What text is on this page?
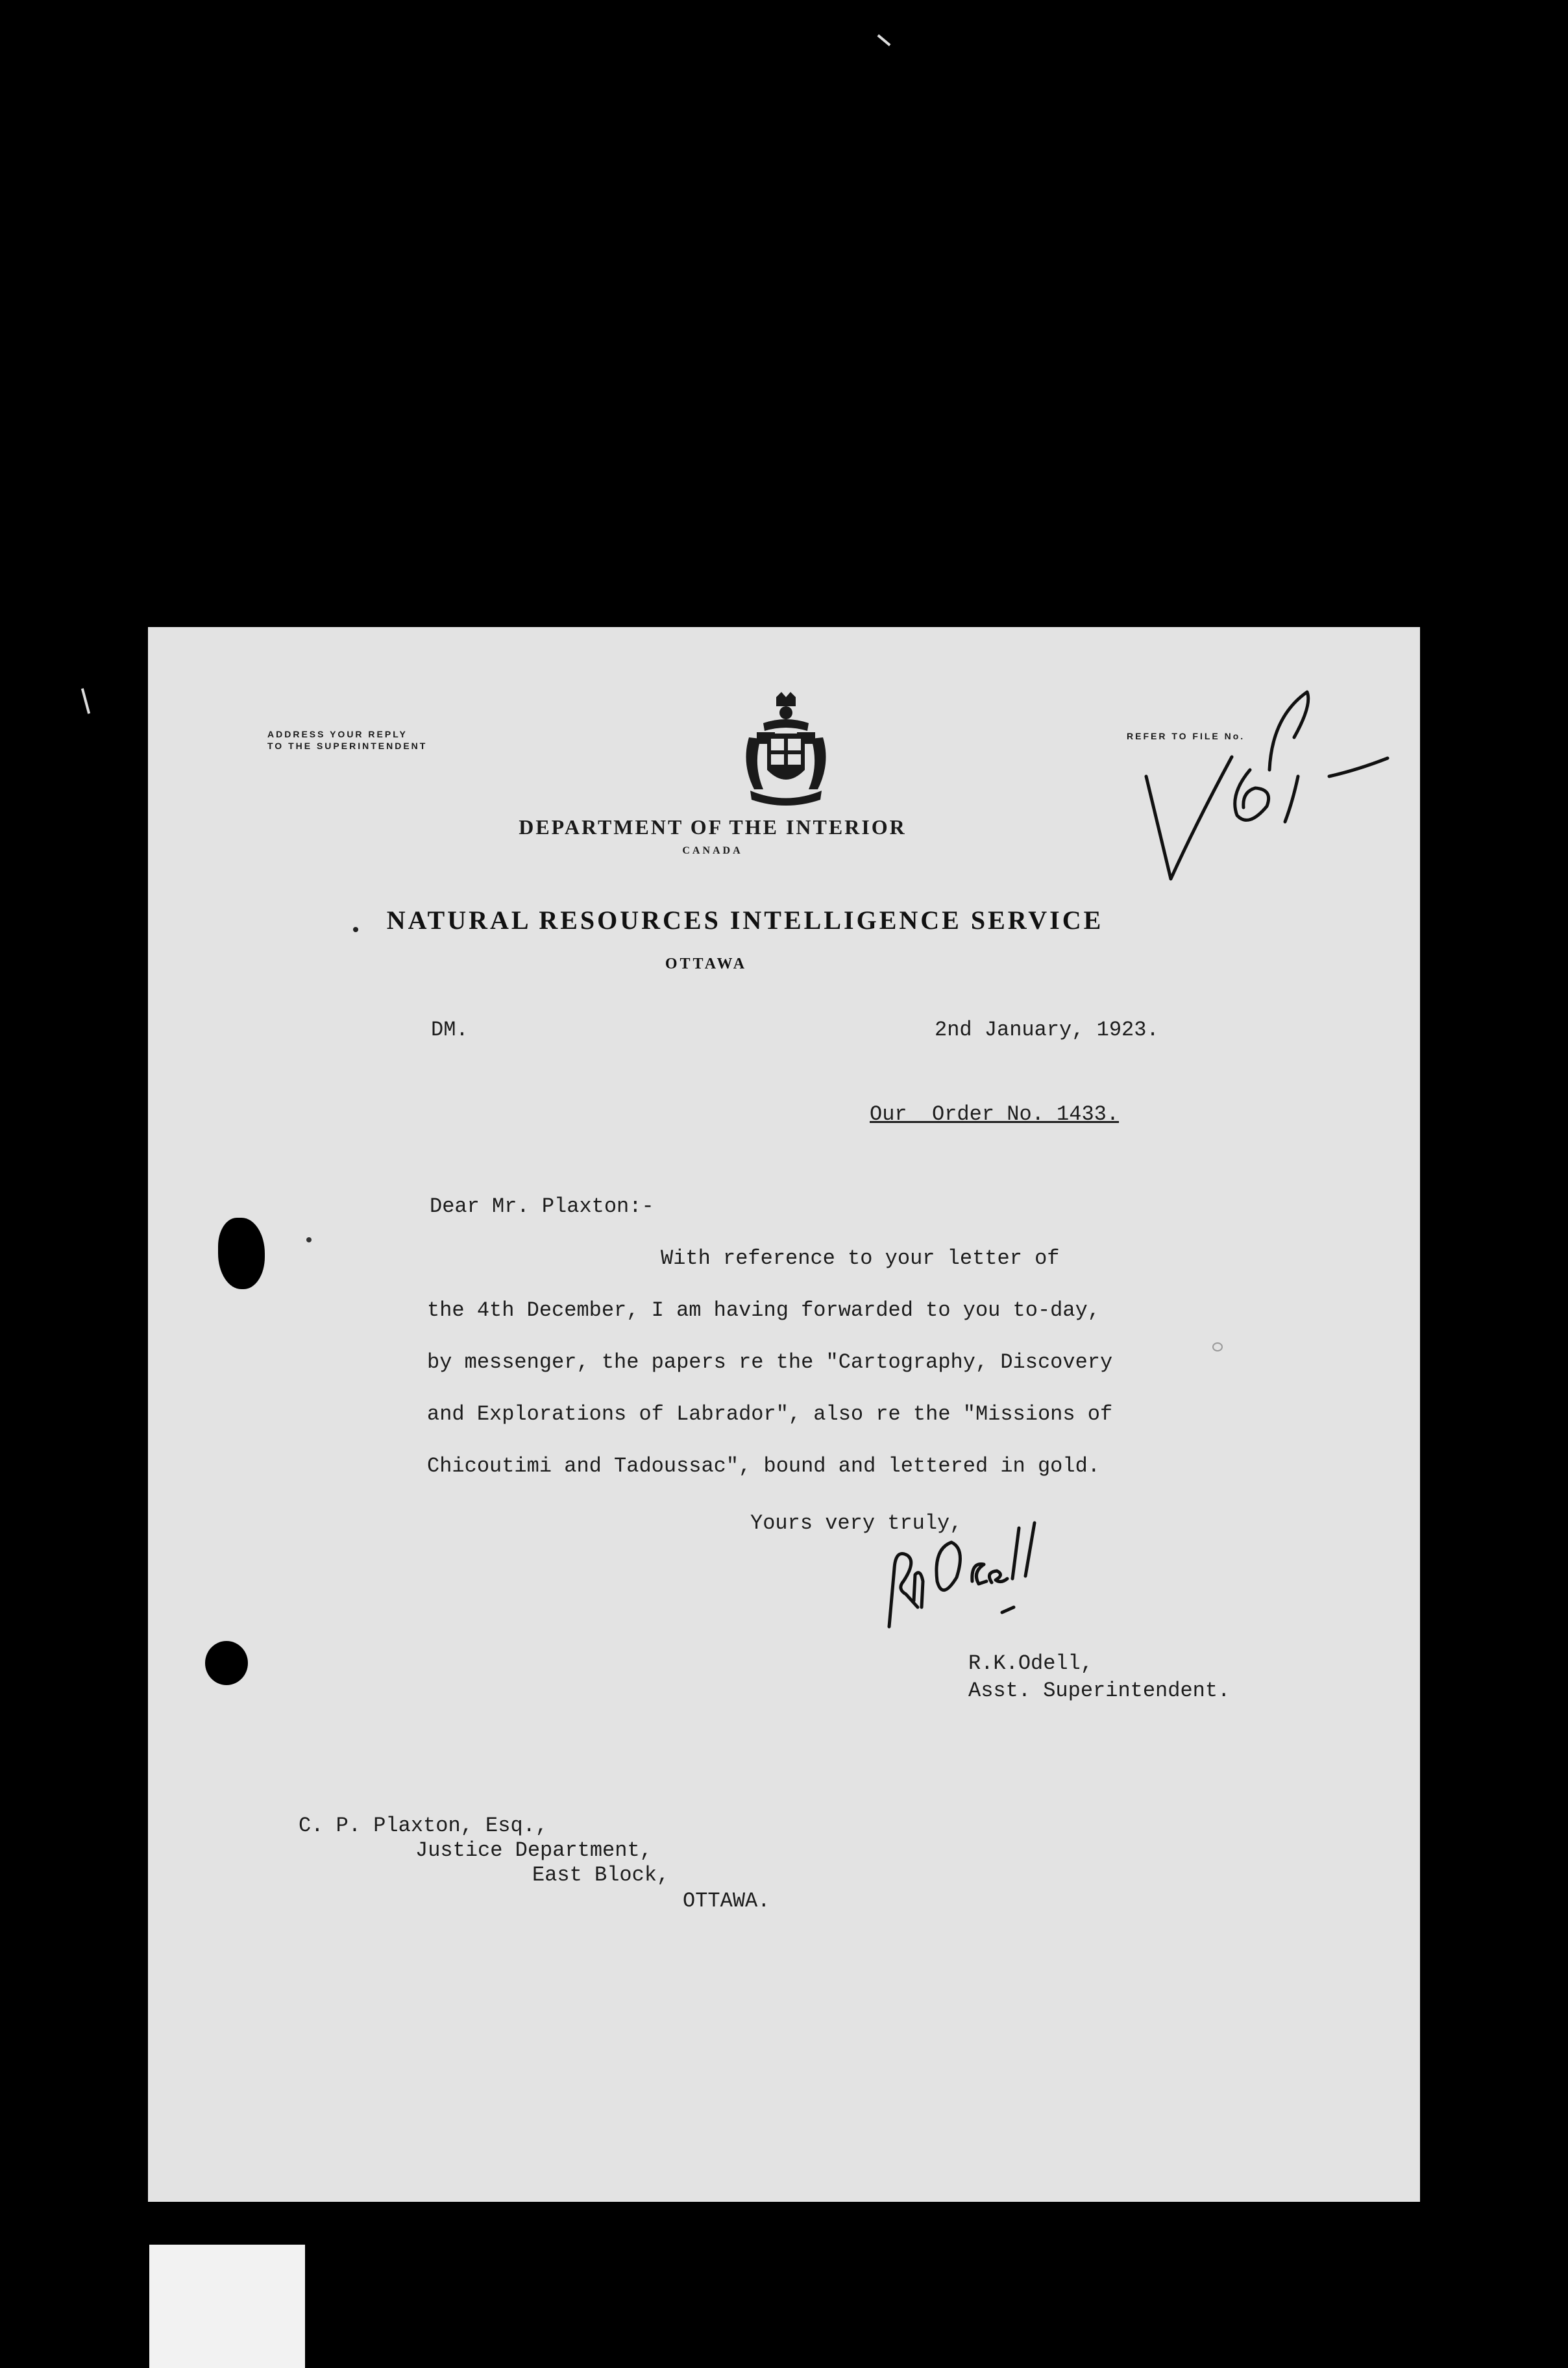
ADDRESS YOUR REPLY
TO THE SUPERINTENDENT
REFER TO FILE No.
DEPARTMENT OF THE INTERIOR
CANADA
NATURAL RESOURCES INTELLIGENCE SERVICE
OTTAWA
DM.	2nd January, 1923.
Our  Order No. 1433.
Dear Mr. Plaxton:-
With reference to your letter of
the 4th December, I am having forwarded to you to-day,
by messenger, the papers re the "Cartography, Discovery
and Explorations of Labrador", also re the "Missions of
Chicoutimi and Tadoussac", bound and lettered in gold.
Yours very truly,
R.K.Odell,
Asst. Superintendent.
C. P. Plaxton, Esq.,
Justice Department,
East Block,
OTTAWA.
